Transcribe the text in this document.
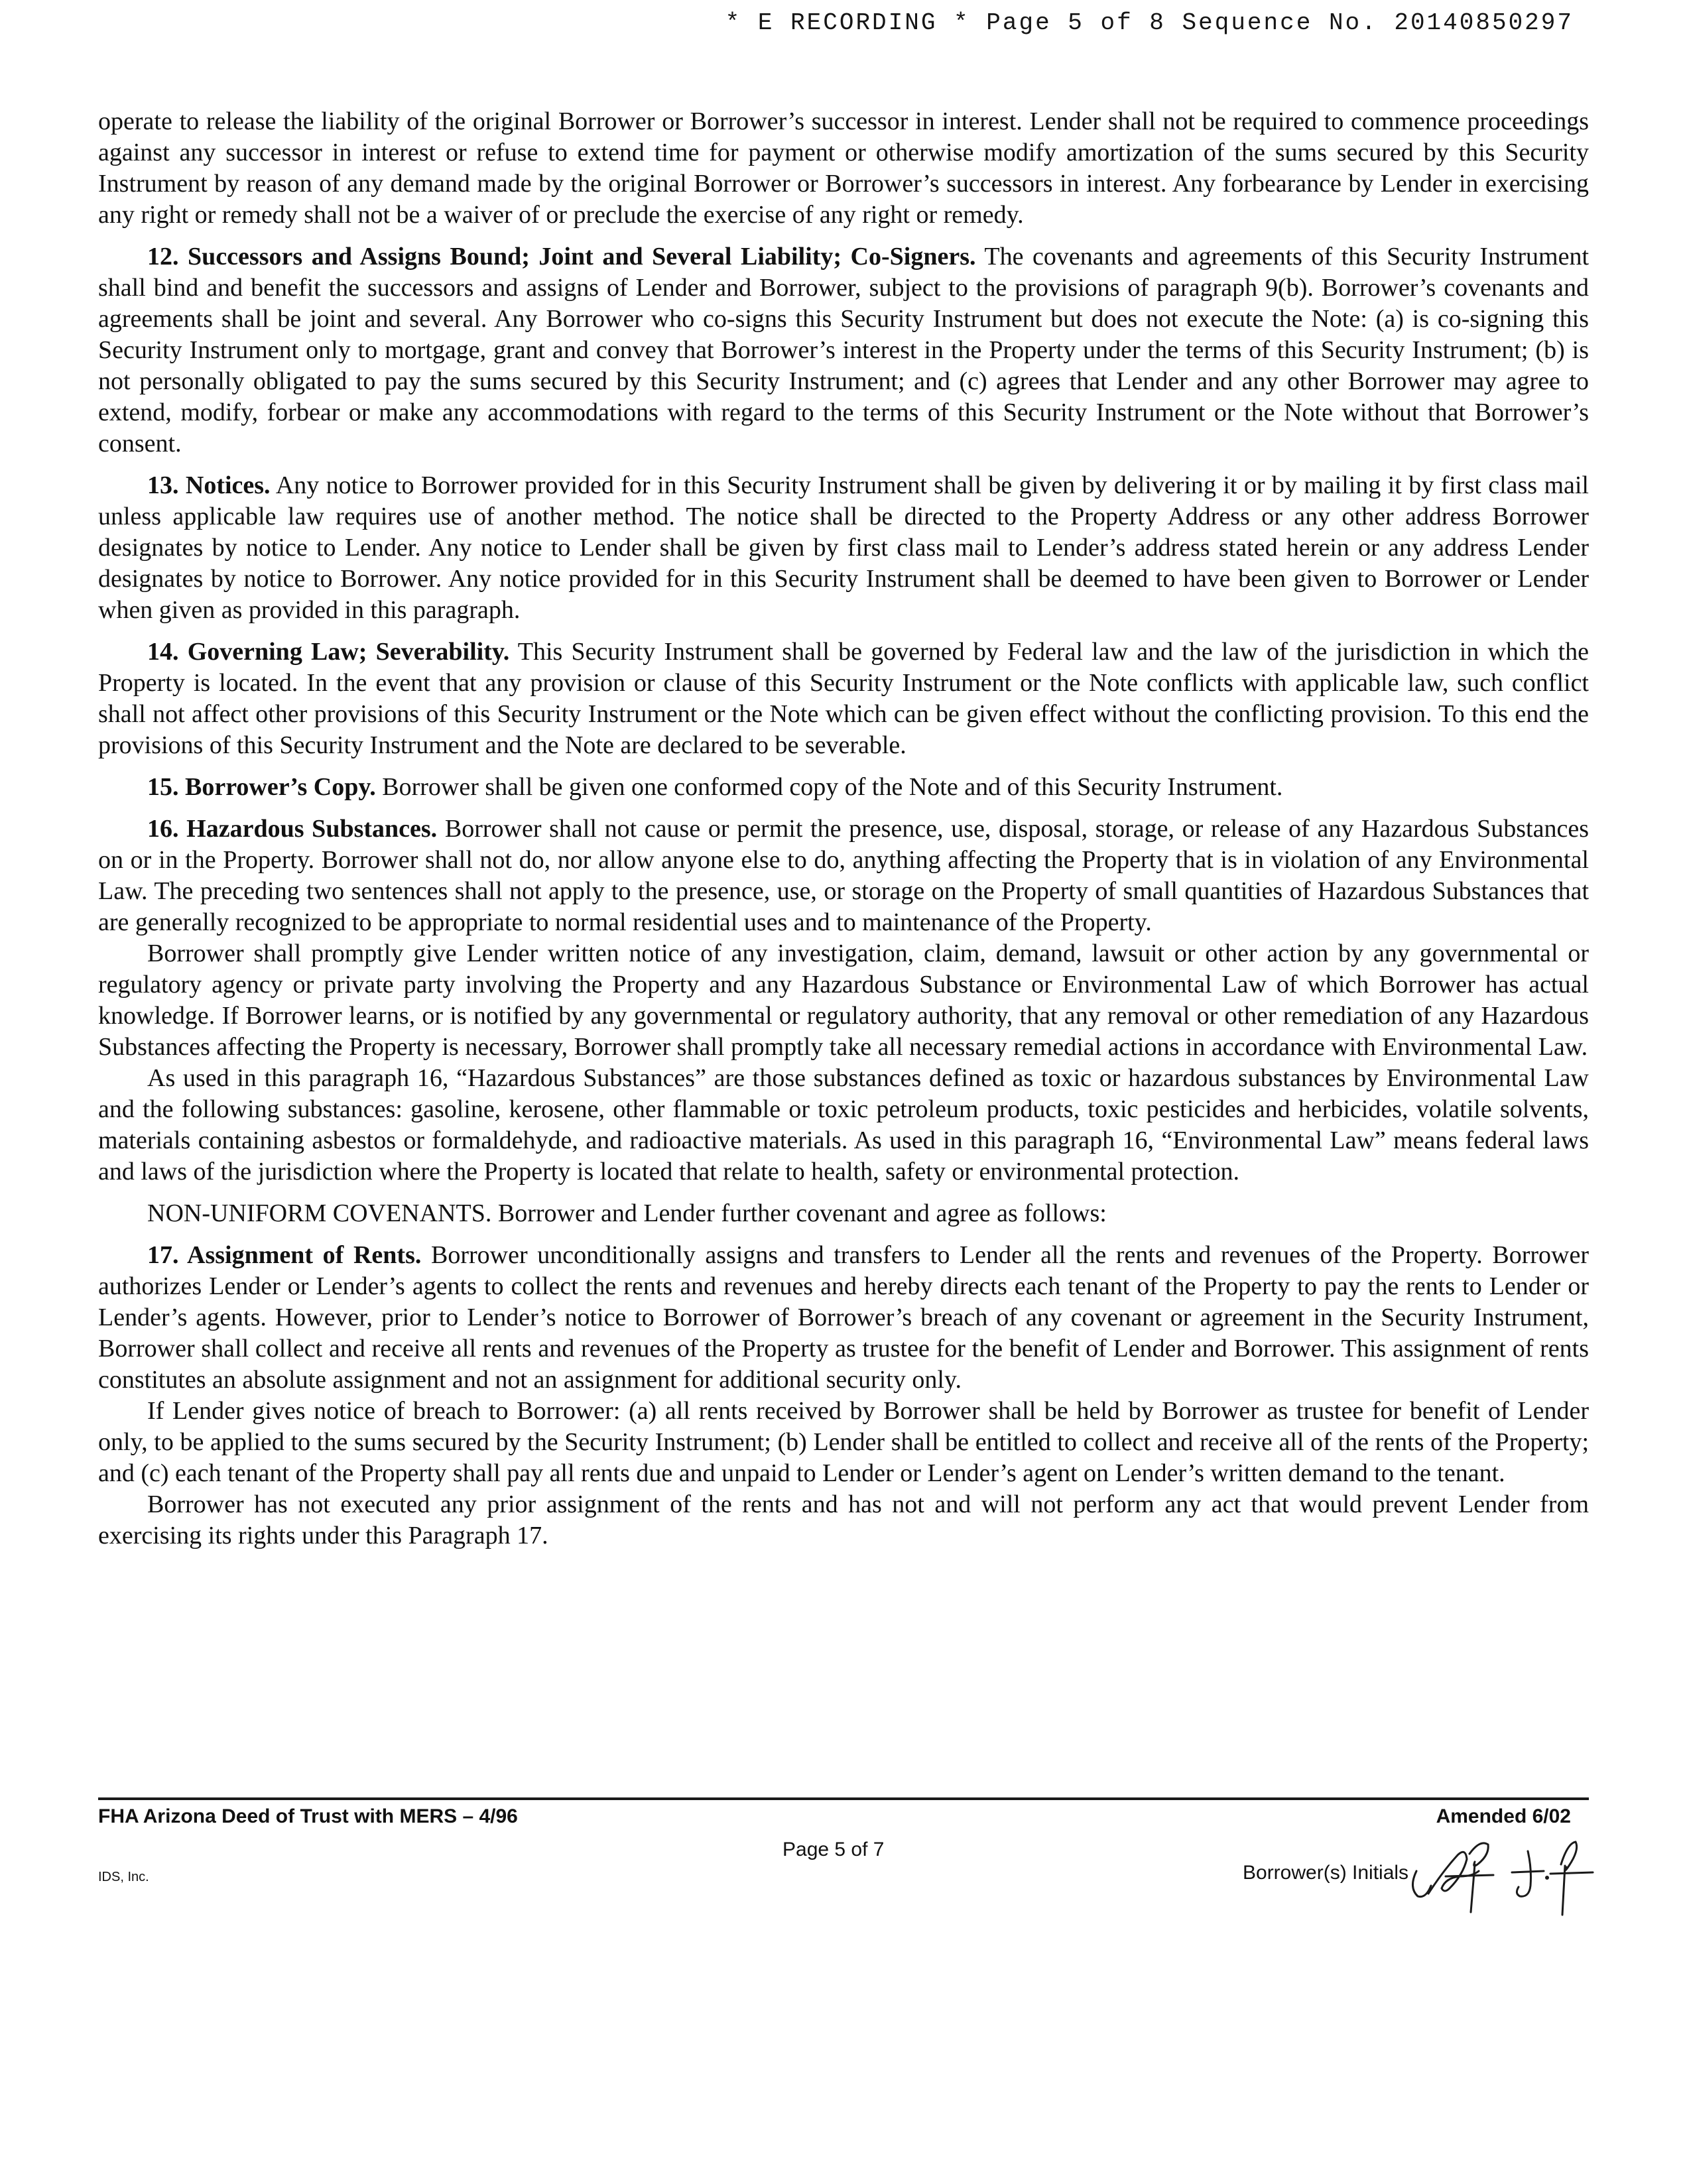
* E RECORDING * Page 5 of 8 Sequence No. 20140850297

operate to release the liability of the original Borrower or Borrower’s successor in interest. Lender shall not be required to commence proceedings against any successor in interest or refuse to extend time for payment or otherwise modify amortization of the sums secured by this Security Instrument by reason of any demand made by the original Borrower or Borrower’s successors in interest. Any forbearance by Lender in exercising any right or remedy shall not be a waiver of or preclude the exercise of any right or remedy.

12. Successors and Assigns Bound; Joint and Several Liability; Co-Signers. The covenants and agreements of this Security Instrument shall bind and benefit the successors and assigns of Lender and Borrower, subject to the provisions of paragraph 9(b). Borrower’s covenants and agreements shall be joint and several. Any Borrower who co-signs this Security Instrument but does not execute the Note: (a) is co-signing this Security Instrument only to mortgage, grant and convey that Borrower’s interest in the Property under the terms of this Security Instrument; (b) is not personally obligated to pay the sums secured by this Security Instrument; and (c) agrees that Lender and any other Borrower may agree to extend, modify, forbear or make any accommodations with regard to the terms of this Security Instrument or the Note without that Borrower’s consent.

13. Notices. Any notice to Borrower provided for in this Security Instrument shall be given by delivering it or by mailing it by first class mail unless applicable law requires use of another method. The notice shall be directed to the Property Address or any other address Borrower designates by notice to Lender. Any notice to Lender shall be given by first class mail to Lender’s address stated herein or any address Lender designates by notice to Borrower. Any notice provided for in this Security Instrument shall be deemed to have been given to Borrower or Lender when given as provided in this paragraph.

14. Governing Law; Severability. This Security Instrument shall be governed by Federal law and the law of the jurisdiction in which the Property is located. In the event that any provision or clause of this Security Instrument or the Note conflicts with applicable law, such conflict shall not affect other provisions of this Security Instrument or the Note which can be given effect without the conflicting provision. To this end the provisions of this Security Instrument and the Note are declared to be severable.

15. Borrower’s Copy. Borrower shall be given one conformed copy of the Note and of this Security Instrument.

16. Hazardous Substances. Borrower shall not cause or permit the presence, use, disposal, storage, or release of any Hazardous Substances on or in the Property. Borrower shall not do, nor allow anyone else to do, anything affecting the Property that is in violation of any Environmental Law. The preceding two sentences shall not apply to the presence, use, or storage on the Property of small quantities of Hazardous Substances that are generally recognized to be appropriate to normal residential uses and to maintenance of the Property.

Borrower shall promptly give Lender written notice of any investigation, claim, demand, lawsuit or other action by any governmental or regulatory agency or private party involving the Property and any Hazardous Substance or Environmental Law of which Borrower has actual knowledge. If Borrower learns, or is notified by any governmental or regulatory authority, that any removal or other remediation of any Hazardous Substances affecting the Property is necessary, Borrower shall promptly take all necessary remedial actions in accordance with Environmental Law.

As used in this paragraph 16, “Hazardous Substances” are those substances defined as toxic or hazardous substances by Environmental Law and the following substances: gasoline, kerosene, other flammable or toxic petroleum products, toxic pesticides and herbicides, volatile solvents, materials containing asbestos or formaldehyde, and radioactive materials. As used in this paragraph 16, “Environmental Law” means federal laws and laws of the jurisdiction where the Property is located that relate to health, safety or environmental protection.

NON-UNIFORM COVENANTS. Borrower and Lender further covenant and agree as follows:

17. Assignment of Rents. Borrower unconditionally assigns and transfers to Lender all the rents and revenues of the Property. Borrower authorizes Lender or Lender’s agents to collect the rents and revenues and hereby directs each tenant of the Property to pay the rents to Lender or Lender’s agents. However, prior to Lender’s notice to Borrower of Borrower’s breach of any covenant or agreement in the Security Instrument, Borrower shall collect and receive all rents and revenues of the Property as trustee for the benefit of Lender and Borrower. This assignment of rents constitutes an absolute assignment and not an assignment for additional security only.

If Lender gives notice of breach to Borrower: (a) all rents received by Borrower shall be held by Borrower as trustee for benefit of Lender only, to be applied to the sums secured by the Security Instrument; (b) Lender shall be entitled to collect and receive all of the rents of the Property; and (c) each tenant of the Property shall pay all rents due and unpaid to Lender or Lender’s agent on Lender’s written demand to the tenant.

Borrower has not executed any prior assignment of the rents and has not and will not perform any act that would prevent Lender from exercising its rights under this Paragraph 17.

FHA Arizona Deed of Trust with MERS – 4/96
IDS, Inc.
Page 5 of 7
Amended 6/02
Borrower(s) Initials
